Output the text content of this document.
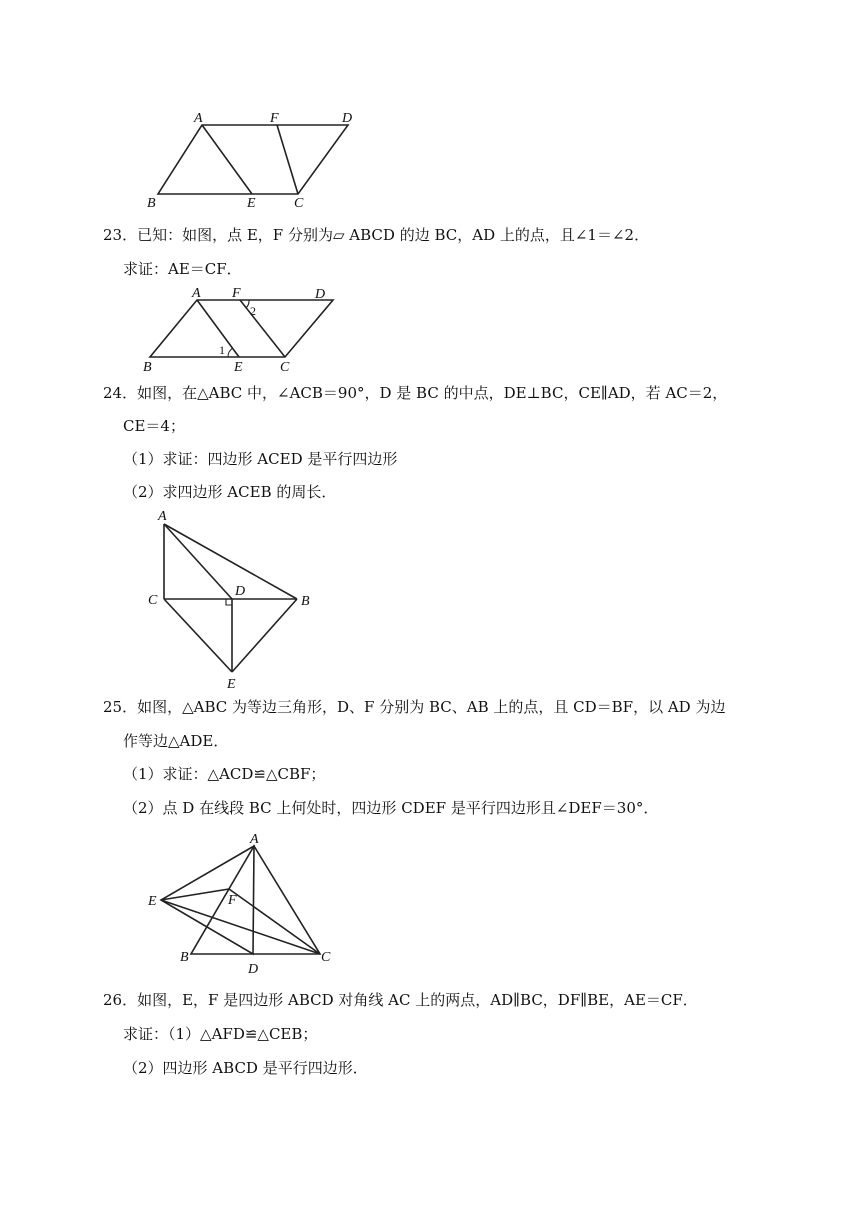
A	F	D
B	E	C
23．已知：如图，点 E，F 分别为▱ ABCD 的边 BC，AD 上的点，且∠1＝∠2．
求证：AE＝CF．
A F	D
B	E	C
1
2
24．如图，在△ABC 中，∠ACB＝90°，D 是 BC 的中点，DE⊥BC，CE∥AD，若 AC＝2，
CE＝4；
（1）求证：四边形 ACED 是平行四边形
（2）求四边形 ACEB 的周长．
A
C
D
B
E
25．如图，△ABC 为等边三角形，D、F 分别为 BC、AB 上的点，且 CD＝BF，以 AD 为边
作等边△ADE．
（1）求证：△ACD≌△CBF；
（2）点 D 在线段 BC 上何处时，四边形 CDEF 是平行四边形且∠DEF＝30°．
A
E	F
B
D
C
26．如图，E，F 是四边形 ABCD 对角线 AC 上的两点，AD∥BC，DF∥BE，AE＝CF．
求证：（1）△AFD≌△CEB；
（2）四边形 ABCD 是平行四边形．
